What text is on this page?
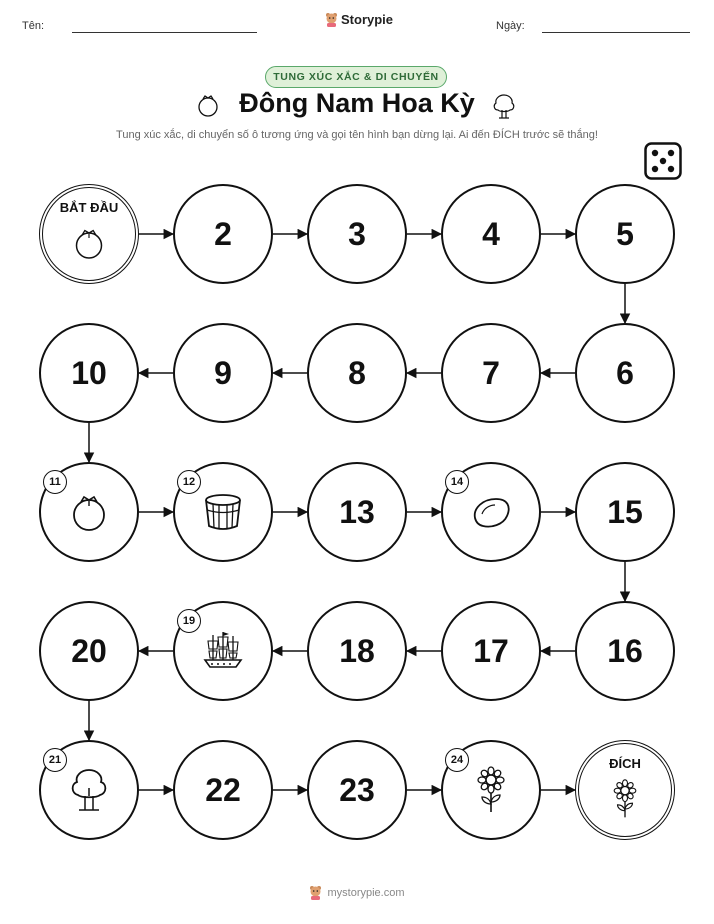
Tên:	Storypie	Ngày:
TUNG XÚC XẮC & DI CHUYỂN
Đông Nam Hoa Kỳ
Tung xúc xắc, di chuyển số ô tương ứng và gọi tên hình bạn dừng lại. Ai đến ĐÍCH trước sẽ thắng!
BẮT ĐẦU
2	3	4	5
6
7
8
9
10
11	12
13
14
15
16
17
18
19
20
21
22	23
24	ĐÍCH
mystorypie.com
